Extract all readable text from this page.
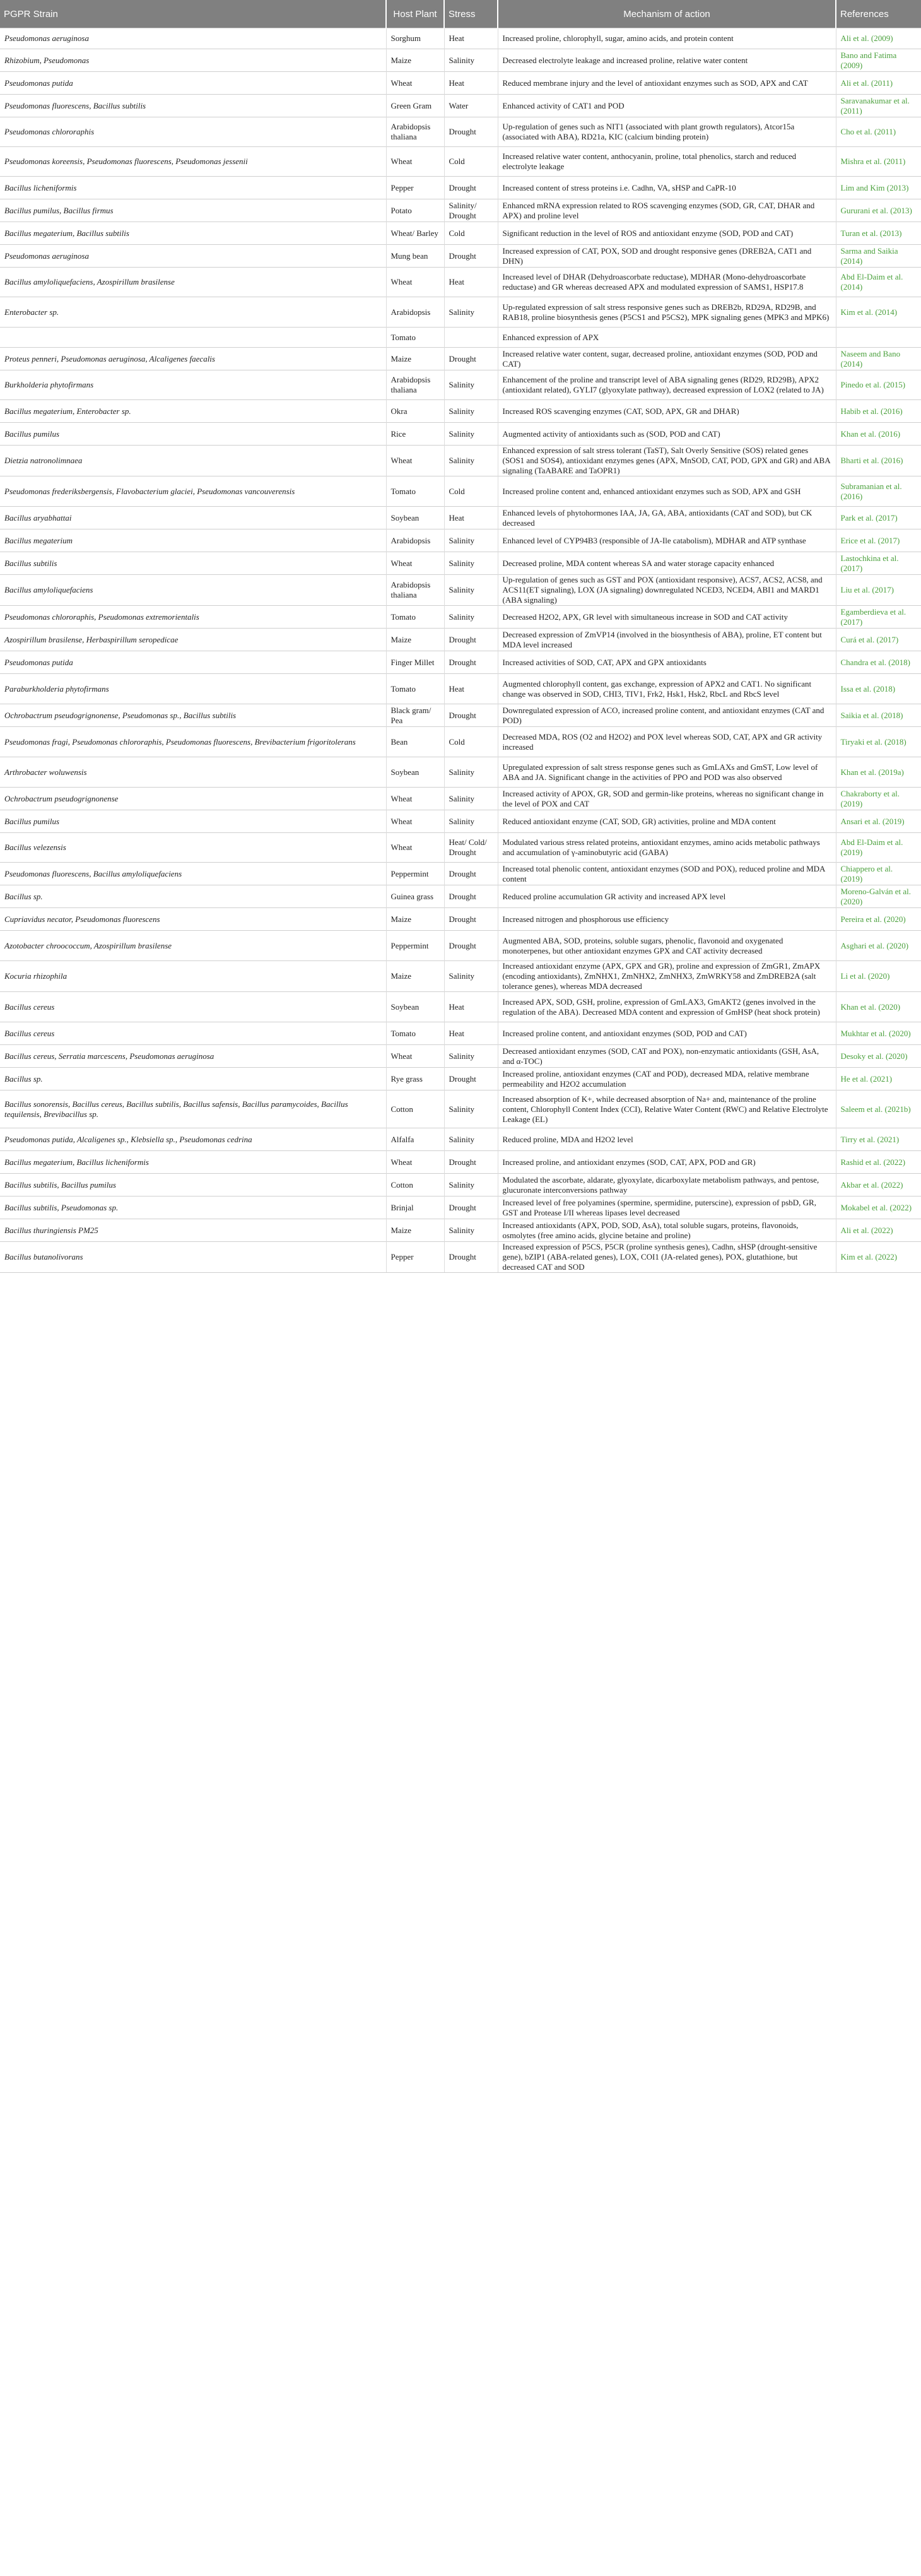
PGPR Strain	Host Plant	Stress	Mechanism of action	References
Pseudomonas aeruginosa	Sorghum	Heat	Increased proline, chlorophyll, sugar, amino acids, and protein content	Ali et al. (2009)
Rhizobium, Pseudomonas	Maize	Salinity	Decreased electrolyte leakage and increased proline, relative water content	Bano and Fatima (2009)
Pseudomonas putida	Wheat	Heat	Reduced membrane injury and the level of antioxidant enzymes such as SOD, APX and CAT	Ali et al. (2011)
Pseudomonas fluorescens, Bacillus subtilis	Green Gram	Water	Enhanced activity of CAT1 and POD	Saravanakumar et al. (2011)
Pseudomonas chlororaphis	Arabidopsis thaliana	Drought	Up-regulation of genes such as NIT1 (associated with plant growth regulators), Atcor15a (associated with ABA), RD21a, KIC (calcium binding protein)	Cho et al. (2011)
Pseudomonas koreensis, Pseudomonas fluorescens, Pseudomonas jessenii	Wheat	Cold	Increased relative water content, anthocyanin, proline, total phenolics, starch and reduced electrolyte leakage	Mishra et al. (2011)
Bacillus licheniformis	Pepper	Drought	Increased content of stress proteins i.e. Cadhn, VA, sHSP and CaPR-10	Lim and Kim (2013)
Bacillus pumilus, Bacillus firmus	Potato	Salinity/ Drought	Enhanced mRNA expression related to ROS scavenging enzymes (SOD, GR, CAT, DHAR and APX) and proline level	Gururani et al. (2013)
Bacillus megaterium, Bacillus subtilis	Wheat/ Barley	Cold	Significant reduction in the level of ROS and antioxidant enzyme (SOD, POD and CAT)	Turan et al. (2013)
Pseudomonas aeruginosa	Mung bean	Drought	Increased expression of CAT, POX, SOD and drought responsive genes (DREB2A, CAT1 and DHN)	Sarma and Saikia (2014)
Bacillus amyloliquefaciens, Azospirillum brasilense	Wheat	Heat	Increased level of DHAR (Dehydroascorbate reductase), MDHAR (Mono-dehydroascorbate reductase) and GR whereas decreased APX and modulated expression of SAMS1, HSP17.8	Abd El-Daim et al. (2014)
Enterobacter sp.	Arabidopsis	Salinity	Up-regulated expression of salt stress responsive genes such as DREB2b, RD29A, RD29B, and RAB18, proline biosynthesis genes (P5CS1 and P5CS2), MPK signaling genes (MPK3 and MPK6)	Kim et al. (2014)
	Tomato		Enhanced expression of APX	
Proteus penneri, Pseudomonas aeruginosa, Alcaligenes faecalis	Maize	Drought	Increased relative water content, sugar, decreased proline, antioxidant enzymes (SOD, POD and CAT)	Naseem and Bano (2014)
Burkholderia phytofirmans	Arabidopsis thaliana	Salinity	Enhancement of the proline and transcript level of ABA signaling genes (RD29, RD29B), APX2 (antioxidant related), GYLI7 (glyoxylate pathway), decreased expression of LOX2 (related to JA)	Pinedo et al. (2015)
Bacillus megaterium, Enterobacter sp.	Okra	Salinity	Increased ROS scavenging enzymes (CAT, SOD, APX, GR and DHAR)	Habib et al. (2016)
Bacillus pumilus	Rice	Salinity	Augmented activity of antioxidants such as (SOD, POD and CAT)	Khan et al. (2016)
Dietzia natronolimnaea	Wheat	Salinity	Enhanced expression of salt stress tolerant (TaST), Salt Overly Sensitive (SOS) related genes (SOS1 and SOS4), antioxidant enzymes genes (APX, MnSOD, CAT, POD, GPX and GR) and ABA signaling (TaABARE and TaOPR1)	Bharti et al. (2016)
Pseudomonas frederiksbergensis, Flavobacterium glaciei, Pseudomonas vancouverensis	Tomato	Cold	Increased proline content and, enhanced antioxidant enzymes such as SOD, APX and GSH	Subramanian et al. (2016)
Bacillus aryabhattai	Soybean	Heat	Enhanced levels of phytohormones IAA, JA, GA, ABA, antioxidants (CAT and SOD), but CK decreased	Park et al. (2017)
Bacillus megaterium	Arabidopsis	Salinity	Enhanced level of CYP94B3 (responsible of JA-Ile catabolism), MDHAR and ATP synthase	Erice et al. (2017)
Bacillus subtilis	Wheat	Salinity	Decreased proline, MDA content whereas SA and water storage capacity enhanced	Lastochkina et al. (2017)
Bacillus amyloliquefaciens	Arabidopsis thaliana	Salinity	Up-regulation of genes such as GST and POX (antioxidant responsive), ACS7, ACS2, ACS8, and ACS11(ET signaling), LOX (JA signaling) downregulated NCED3, NCED4, ABI1 and MARD1 (ABA signaling)	Liu et al. (2017)
Pseudomonas chlororaphis, Pseudomonas extremorientalis	Tomato	Salinity	Decreased H2O2, APX, GR level with simultaneous increase in SOD and CAT activity	Egamberdieva et al. (2017)
Azospirillum brasilense, Herbaspirillum seropedicae	Maize	Drought	Decreased expression of ZmVP14 (involved in the biosynthesis of ABA), proline, ET content but MDA level increased	Curá et al. (2017)
Pseudomonas putida	Finger Millet	Drought	Increased activities of SOD, CAT, APX and GPX antioxidants	Chandra et al. (2018)
Paraburkholderia phytofirmans	Tomato	Heat	Augmented chlorophyll content, gas exchange, expression of APX2 and CAT1. No significant change was observed in SOD, CHI3, TIV1, Frk2, Hsk1, Hsk2, RbcL and RbcS level	Issa et al. (2018)
Ochrobactrum pseudogrignonense, Pseudomonas sp., Bacillus subtilis	Black gram/ Pea	Drought	Downregulated expression of ACO, increased proline content, and antioxidant enzymes (CAT and POD)	Saikia et al. (2018)
Pseudomonas fragi, Pseudomonas chlororaphis, Pseudomonas fluorescens, Brevibacterium frigoritolerans	Bean	Cold	Decreased MDA, ROS (O2 and H2O2) and POX level whereas SOD, CAT, APX and GR activity increased	Tiryaki et al. (2018)
Arthrobacter woluwensis	Soybean	Salinity	Upregulated expression of salt stress response genes such as GmLAXs and GmST, Low level of ABA and JA. Significant change in the activities of PPO and POD was also observed	Khan et al. (2019a)
Ochrobactrum pseudogrignonense	Wheat	Salinity	Increased activity of APOX, GR, SOD and germin-like proteins, whereas no significant change in the level of POX and CAT	Chakraborty et al. (2019)
Bacillus pumilus	Wheat	Salinity	Reduced antioxidant enzyme (CAT, SOD, GR) activities, proline and MDA content	Ansari et al. (2019)
Bacillus velezensis	Wheat	Heat/ Cold/ Drought	Modulated various stress related proteins, antioxidant enzymes, amino acids metabolic pathways and accumulation of γ-aminobutyric acid (GABA)	Abd El-Daim et al. (2019)
Pseudomonas fluorescens, Bacillus amyloliquefaciens	Peppermint	Drought	Increased total phenolic content, antioxidant enzymes (SOD and POX), reduced proline and MDA content	Chiappero et al. (2019)
Bacillus sp.	Guinea grass	Drought	Reduced proline accumulation GR activity and increased APX level	Moreno-Galván et al. (2020)
Cupriavidus necator, Pseudomonas fluorescens	Maize	Drought	Increased nitrogen and phosphorous use efficiency	Pereira et al. (2020)
Azotobacter chroococcum, Azospirillum brasilense	Peppermint	Drought	Augmented ABA, SOD, proteins, soluble sugars, phenolic, flavonoid and oxygenated monoterpenes, but other antioxidant enzymes GPX and CAT activity decreased	Asghari et al. (2020)
Kocuria rhizophila	Maize	Salinity	Increased antioxidant enzyme (APX, GPX and GR), proline and expression of ZmGR1, ZmAPX (encoding antioxidants), ZmNHX1, ZmNHX2, ZmNHX3, ZmWRKY58 and ZmDREB2A (salt tolerance genes), whereas MDA decreased	Li et al. (2020)
Bacillus cereus	Soybean	Heat	Increased APX, SOD, GSH, proline, expression of GmLAX3, GmAKT2 (genes involved in the regulation of the ABA). Decreased MDA content and expression of GmHSP (heat shock protein)	Khan et al. (2020)
Bacillus cereus	Tomato	Heat	Increased proline content, and antioxidant enzymes (SOD, POD and CAT)	Mukhtar et al. (2020)
Bacillus cereus, Serratia marcescens, Pseudomonas aeruginosa	Wheat	Salinity	Decreased antioxidant enzymes (SOD, CAT and POX), non-enzymatic antioxidants (GSH, AsA, and α-TOC)	Desoky et al. (2020)
Bacillus sp.	Rye grass	Drought	Increased proline, antioxidant enzymes (CAT and POD), decreased MDA, relative membrane permeability and H2O2 accumulation	He et al. (2021)
Bacillus sonorensis, Bacillus cereus, Bacillus subtilis, Bacillus safensis, Bacillus paramycoides, Bacillus tequilensis, Brevibacillus sp.	Cotton	Salinity	Increased absorption of K+, while decreased absorption of Na+ and, maintenance of the proline content, Chlorophyll Content Index (CCI), Relative Water Content (RWC) and Relative Electrolyte Leakage (EL)	Saleem et al. (2021b)
Pseudomonas putida, Alcaligenes sp., Klebsiella sp., Pseudomonas cedrina	Alfalfa	Salinity	Reduced proline, MDA and H2O2 level	Tirry et al. (2021)
Bacillus megaterium, Bacillus licheniformis	Wheat	Drought	Increased proline, and antioxidant enzymes (SOD, CAT, APX, POD and GR)	Rashid et al. (2022)
Bacillus subtilis, Bacillus pumilus	Cotton	Salinity	Modulated the ascorbate, aldarate, glyoxylate, dicarboxylate metabolism pathways, and pentose, glucuronate interconversions pathway	Akbar et al. (2022)
Bacillus subtilis, Pseudomonas sp.	Brinjal	Drought	Increased level of free polyamines (spermine, spermidine, puterscine), expression of psbD, GR, GST and Protease I/II whereas lipases level decreased	Mokabel et al. (2022)
Bacillus thuringiensis PM25	Maize	Salinity	Increased antioxidants (APX, POD, SOD, AsA), total soluble sugars, proteins, flavonoids, osmolytes (free amino acids, glycine betaine and proline)	Ali et al. (2022)
Bacillus butanolivorans	Pepper	Drought	Increased expression of P5CS, P5CR (proline synthesis genes), Cadhn, sHSP (drought-sensitive gene), bZIP1 (ABA-related genes), LOX, COI1 (JA-related genes), POX, glutathione, but decreased CAT and SOD	Kim et al. (2022)
